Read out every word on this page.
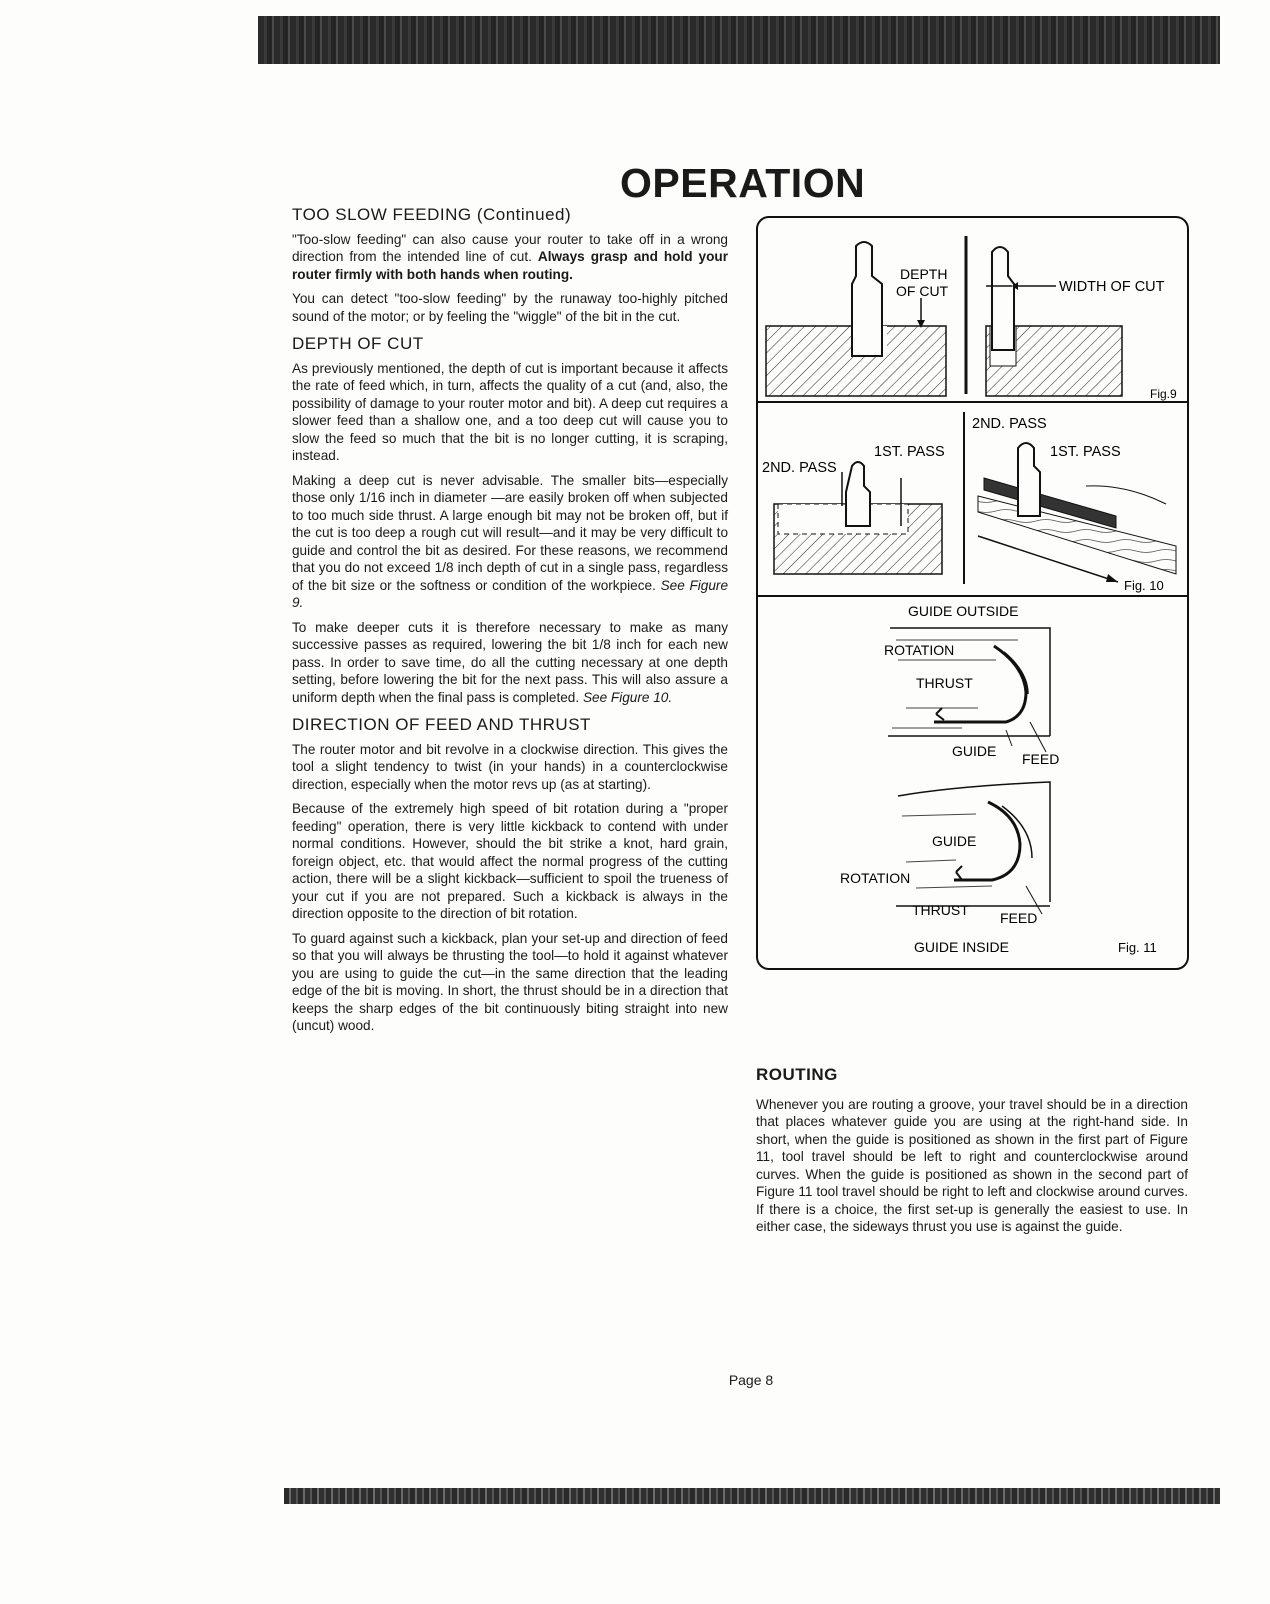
OPERATION
TOO SLOW FEEDING (Continued)

"Too-slow feeding" can also cause your router to take off in a wrong direction from the intended line of cut. Always grasp and hold your router firmly with both hands when routing.

You can detect "too-slow feeding" by the runaway too-highly pitched sound of the motor; or by feeling the "wiggle" of the bit in the cut.

DEPTH OF CUT

As previously mentioned, the depth of cut is important because it affects the rate of feed which, in turn, affects the quality of a cut (and, also, the possibility of damage to your router motor and bit). A deep cut requires a slower feed than a shallow one, and a too deep cut will cause you to slow the feed so much that the bit is no longer cutting, it is scraping, instead.

Making a deep cut is never advisable. The smaller bits—especially those only 1/16 inch in diameter —are easily broken off when subjected to too much side thrust. A large enough bit may not be broken off, but if the cut is too deep a rough cut will result—and it may be very difficult to guide and control the bit as desired. For these reasons, we recommend that you do not exceed 1/8 inch depth of cut in a single pass, regardless of the bit size or the softness or condition of the workpiece. See Figure 9.

To make deeper cuts it is therefore necessary to make as many successive passes as required, lowering the bit 1/8 inch for each new pass. In order to save time, do all the cutting necessary at one depth setting, before lowering the bit for the next pass. This will also assure a uniform depth when the final pass is completed. See Figure 10.

DIRECTION OF FEED AND THRUST

The router motor and bit revolve in a clockwise direction. This gives the tool a slight tendency to twist (in your hands) in a counterclockwise direction, especially when the motor revs up (as at starting).

Because of the extremely high speed of bit rotation during a "proper feeding" operation, there is very little kickback to contend with under normal conditions. However, should the bit strike a knot, hard grain, foreign object, etc. that would affect the normal progress of the cutting action, there will be a slight kickback—sufficient to spoil the trueness of your cut if you are not prepared. Such a kickback is always in the direction opposite to the direction of bit rotation.

To guard against such a kickback, plan your set-up and direction of feed so that you will always be thrusting the tool—to hold it against whatever you are using to guide the cut—in the same direction that the leading edge of the bit is moving. In short, the thrust should be in a direction that keeps the sharp edges of the bit continuously biting straight into new (uncut) wood.

DEPTH
OF CUT	WIDTH OF CUT
Fig.9
2ND. PASS
2ND. PASS
1ST. PASS	1ST. PASS
Fig. 10
GUIDE OUTSIDE
ROTATION
THRUST
GUIDE FEED
GUIDE
ROTATION
THRUST FEED
GUIDE INSIDE	Fig. 11
ROUTING

Whenever you are routing a groove, your travel should be in a direction that places whatever guide you are using at the right-hand side. In short, when the guide is positioned as shown in the first part of Figure 11, tool travel should be left to right and counterclockwise around curves. When the guide is positioned as shown in the second part of Figure 11 tool travel should be right to left and clockwise around curves. If there is a choice, the first set-up is generally the easiest to use. In either case, the sideways thrust you use is against the guide.

Page 8
